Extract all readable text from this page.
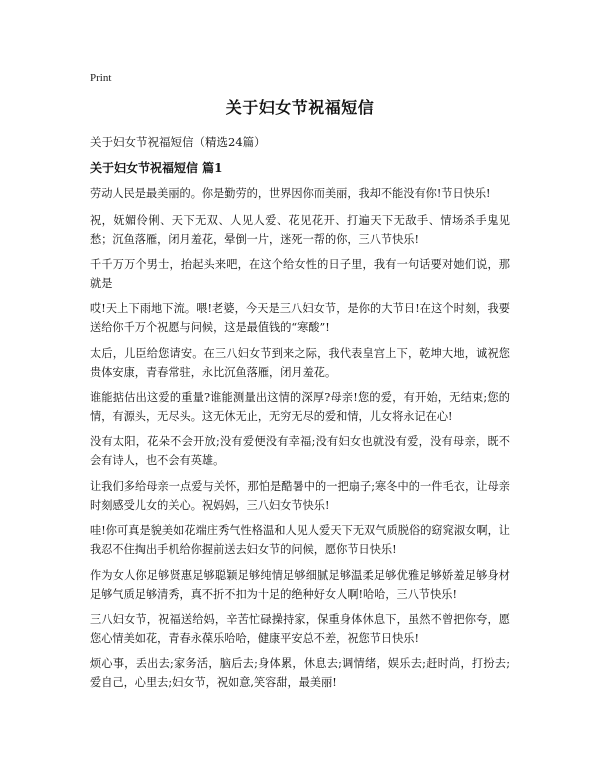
Print
关于妇女节祝福短信
关于妇女节祝福短信（精选24篇）
关于妇女节祝福短信 篇1

劳动人民是最美丽的。你是勤劳的，世界因你而美丽，我却不能没有你!节日快乐!

祝，妩媚伶俐、天下无双、人见人爱、花见花开、打遍天下无敌手、情场杀手鬼见愁；沉鱼落雁，闭月羞花，晕倒一片，迷死一帮的你，三八节快乐!

千千万万个男士，抬起头来吧，在这个给女性的日子里，我有一句话要对她们说，那就是

哎!天上下雨地下流。喂!老婆，今天是三八妇女节，是你的大节日!在这个时刻，我要送给你千万个祝愿与问候，这是最值钱的“寒酸”!

太后，儿臣给您请安。在三八妇女节到来之际，我代表皇宫上下，乾坤大地，诚祝您贵体安康，青春常驻，永比沉鱼落雁，闭月羞花。

谁能掂估出这爱的重量?谁能测量出这情的深厚?母亲!您的爱，有开始，无结束;您的情，有源头，无尽头。这无休无止，无穷无尽的爱和情，儿女将永记在心!

没有太阳，花朵不会开放;没有爱便没有幸福;没有妇女也就没有爱，没有母亲，既不会有诗人，也不会有英雄。

让我们多给母亲一点爱与关怀，那怕是酷暑中的一把扇子;寒冬中的一件毛衣，让母亲时刻感受儿女的关心。祝妈妈，三八妇女节快乐!

哇!你可真是貌美如花端庄秀气性格温和人见人爱天下无双气质脱俗的窈窕淑女啊，让我忍不住掏出手机给你握前送去妇女节的问候，愿你节日快乐!

作为女人你足够贤惠足够聪颖足够纯情足够细腻足够温柔足够优雅足够娇羞足够身材足够气质足够清秀，真不折不扣为十足的绝种好女人啊!哈哈，三八节快乐!

三八妇女节，祝福送给妈，辛苦忙碌操持家，保重身体休息下，虽然不曾把你夸，愿您心情美如花，青春永葆乐哈哈，健康平安总不差，祝您节日快乐!

烦心事，丢出去;家务活，脑后去;身体累，休息去;调情绪，娱乐去;赶时尚，打扮去;爱自己，心里去;妇女节，祝如意,笑容甜，最美丽!
